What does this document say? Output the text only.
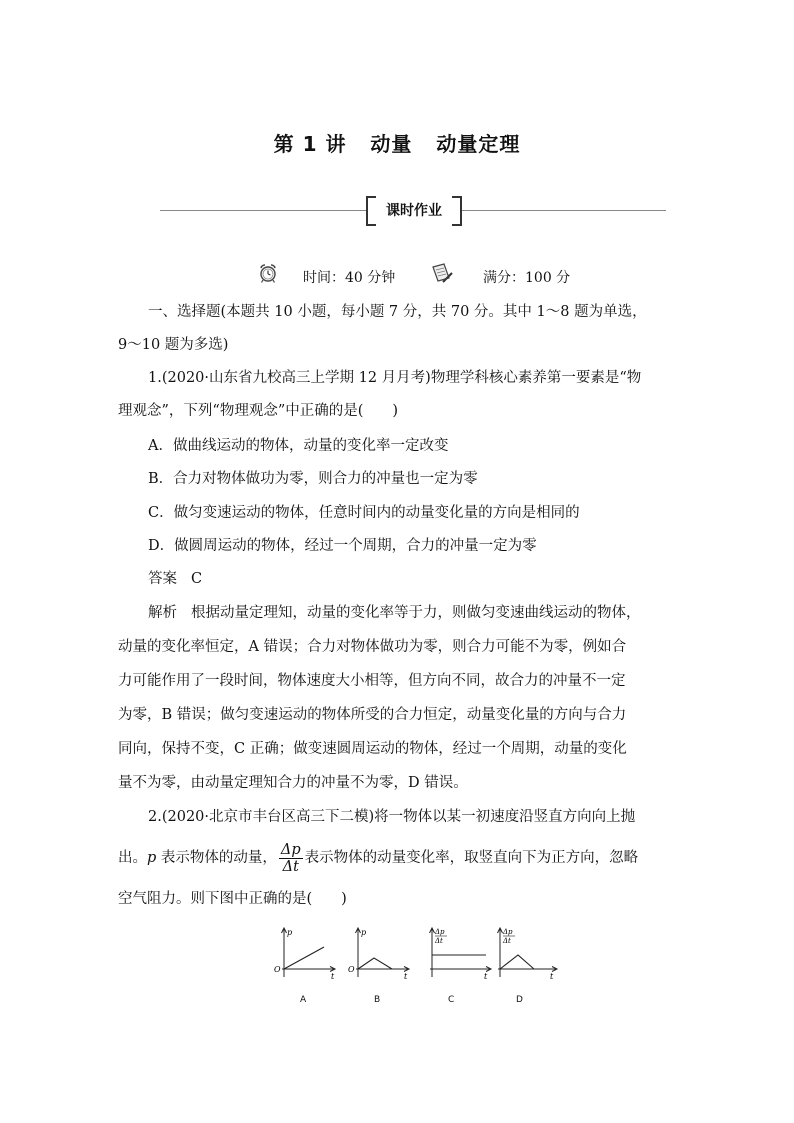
第 1 讲 动量 动量定理
课时作业
时间：40 分钟	满分：100 分
一、选择题(本题共 10 小题，每小题 7 分，共 70 分。其中 1～8 题为单选，
9～10 题为多选)
1.(2020·山东省九校高三上学期 12 月月考)物理学科核心素养第一要素是“物
理观念”，下列“物理观念”中正确的是(　　)
A．做曲线运动的物体，动量的变化率一定改变
B．合力对物体做功为零，则合力的冲量也一定为零
C．做匀变速运动的物体，任意时间内的动量变化量的方向是相同的
D．做圆周运动的物体，经过一个周期，合力的冲量一定为零
答案 C
解析 根据动量定理知，动量的变化率等于力，则做匀变速曲线运动的物体，
动量的变化率恒定，A 错误；合力对物体做功为零，则合力可能不为零，例如合
力可能作用了一段时间，物体速度大小相等，但方向不同，故合力的冲量不一定
为零，B 错误；做匀变速运动的物体所受的合力恒定，动量变化量的方向与合力
同向，保持不变，C 正确；做变速圆周运动的物体，经过一个周期，动量的变化
量不为零，由动量定理知合力的冲量不为零，D 错误。
2.(2020·北京市丰台区高三下二模)将一物体以某一初速度沿竖直方向向上抛
出。p 表示物体的动量， $\frac{\Delta p}{\Delta t}$ 表示物体的动量变化率，取竖直向下为正方向，忽略
空气阻力。则下图中正确的是(　　)
p
O
t
A
p
O
t
B
Δp
Δt
t
C
Δp
Δt
t
D
